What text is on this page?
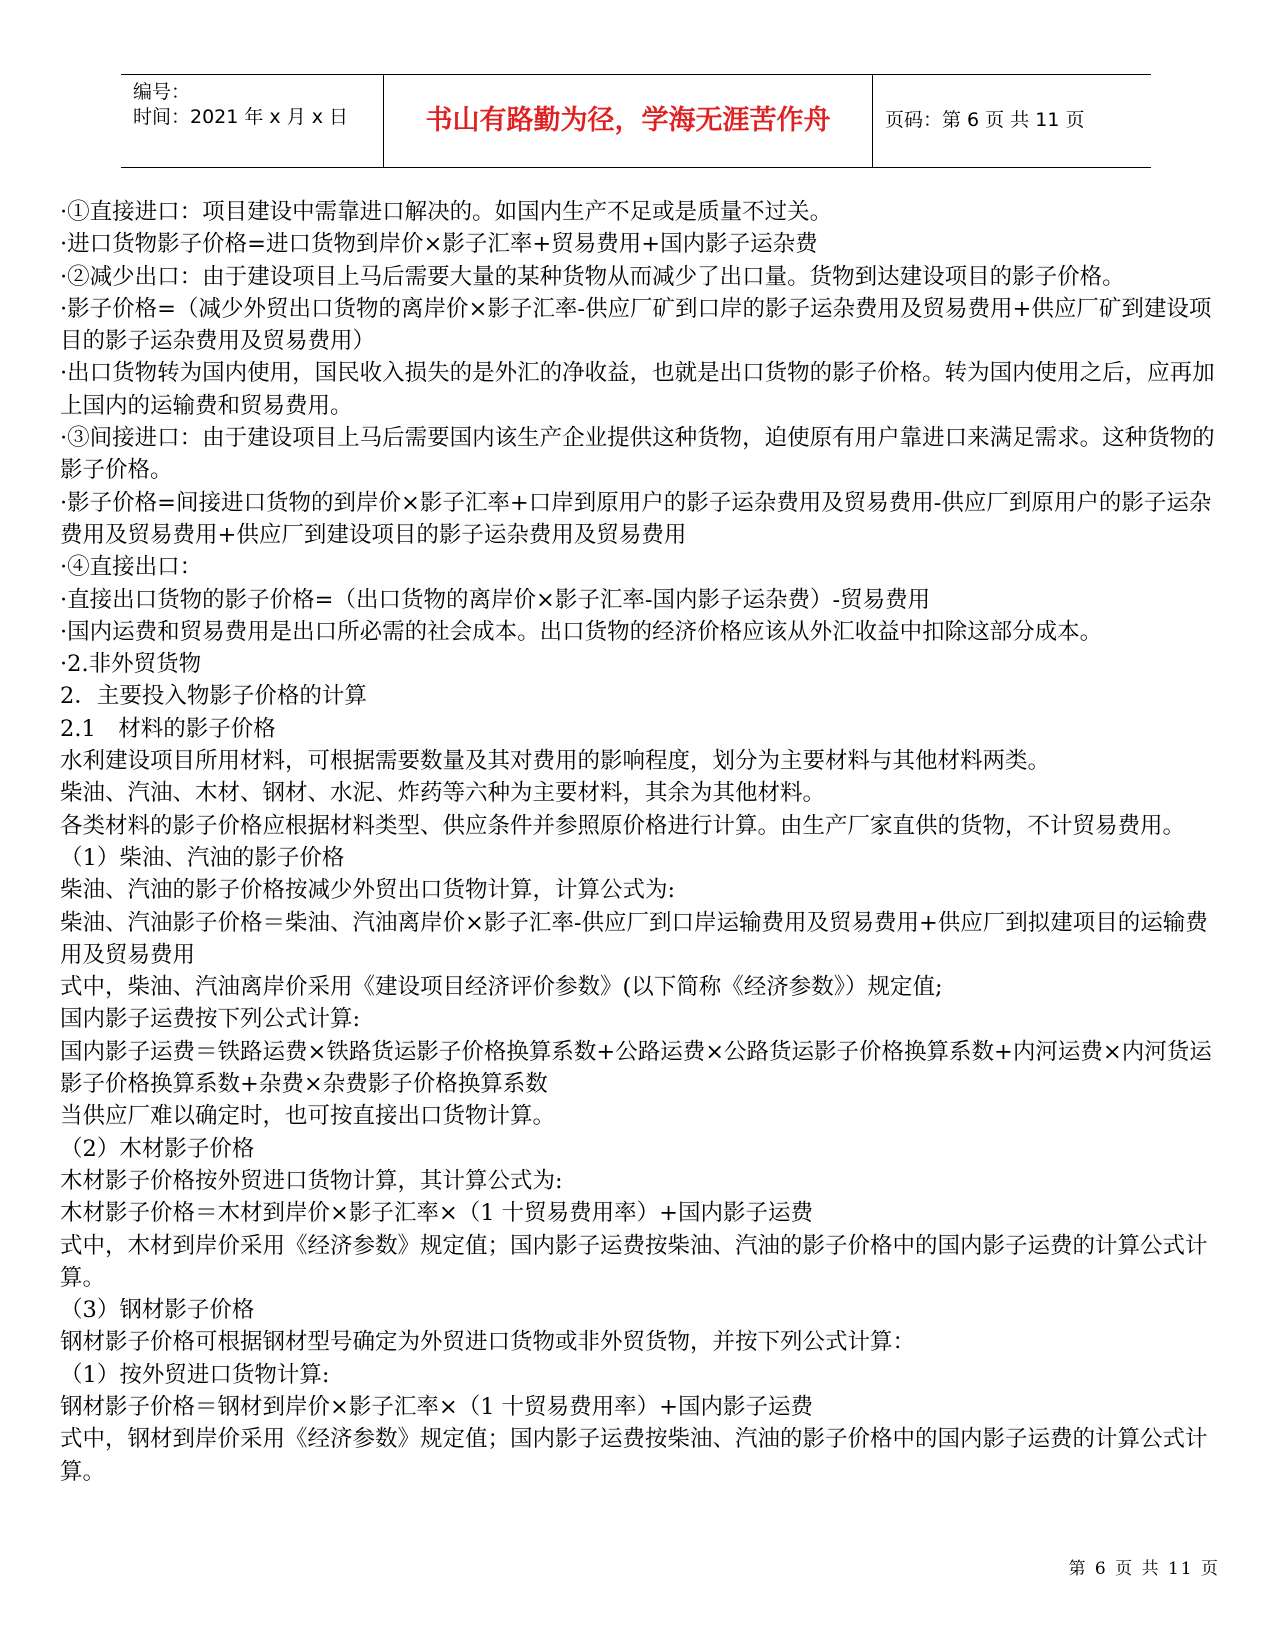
编号：
时间：2021 年 x 月 x 日	书山有路勤为径，学海无涯苦作舟	页码：第 6 页 共 11 页

·①直接进口：项目建设中需靠进口解决的。如国内生产不足或是质量不过关。

·进口货物影子价格=进口货物到岸价×影子汇率+贸易费用+国内影子运杂费

·②减少出口：由于建设项目上马后需要大量的某种货物从而减少了出口量。货物到达建设项目的影子价格。

·影子价格=（减少外贸出口货物的离岸价×影子汇率-供应厂矿到口岸的影子运杂费用及贸易费用+供应厂矿到建设项目的影子运杂费用及贸易费用）

·出口货物转为国内使用，国民收入损失的是外汇的净收益，也就是出口货物的影子价格。转为国内使用之后，应再加上国内的运输费和贸易费用。

·③间接进口：由于建设项目上马后需要国内该生产企业提供这种货物，迫使原有用户靠进口来满足需求。这种货物的影子价格。

·影子价格=间接进口货物的到岸价×影子汇率+口岸到原用户的影子运杂费用及贸易费用-供应厂到原用户的影子运杂费用及贸易费用+供应厂到建设项目的影子运杂费用及贸易费用

·④直接出口：

·直接出口货物的影子价格=（出口货物的离岸价×影子汇率-国内影子运杂费）-贸易费用

·国内运费和贸易费用是出口所必需的社会成本。出口货物的经济价格应该从外汇收益中扣除这部分成本。

·2.非外贸货物

2．主要投入物影子价格的计算

2.1　材料的影子价格

水利建设项目所用材料，可根据需要数量及其对费用的影响程度，划分为主要材料与其他材料两类。

柴油、汽油、木材、钢材、水泥、炸药等六种为主要材料，其余为其他材料。

各类材料的影子价格应根据材料类型、供应条件并参照原价格进行计算。由生产厂家直供的货物，不计贸易费用。

（1）柴油、汽油的影子价格

柴油、汽油的影子价格按减少外贸出口货物计算，计算公式为:

柴油、汽油影子价格＝柴油、汽油离岸价×影子汇率-供应厂到口岸运输费用及贸易费用+供应厂到拟建项目的运输费用及贸易费用

式中，柴油、汽油离岸价采用《建设项目经济评价参数》(以下简称《经济参数》）规定值;

国内影子运费按下列公式计算:

国内影子运费＝铁路运费×铁路货运影子价格换算系数+公路运费×公路货运影子价格换算系数+内河运费×内河货运影子价格换算系数+杂费×杂费影子价格换算系数

当供应厂难以确定时，也可按直接出口货物计算。

（2）木材影子价格

木材影子价格按外贸进口货物计算，其计算公式为:

木材影子价格＝木材到岸价×影子汇率×（1 十贸易费用率）+国内影子运费

式中，木材到岸价采用《经济参数》规定值；国内影子运费按柴油、汽油的影子价格中的国内影子运费的计算公式计算。

（3）钢材影子价格

钢材影子价格可根据钢材型号确定为外贸进口货物或非外贸货物，并按下列公式计算：

（1）按外贸进口货物计算:

钢材影子价格＝钢材到岸价×影子汇率×（1 十贸易费用率）+国内影子运费

式中，钢材到岸价采用《经济参数》规定值；国内影子运费按柴油、汽油的影子价格中的国内影子运费的计算公式计算。

第 6 页 共 11 页
